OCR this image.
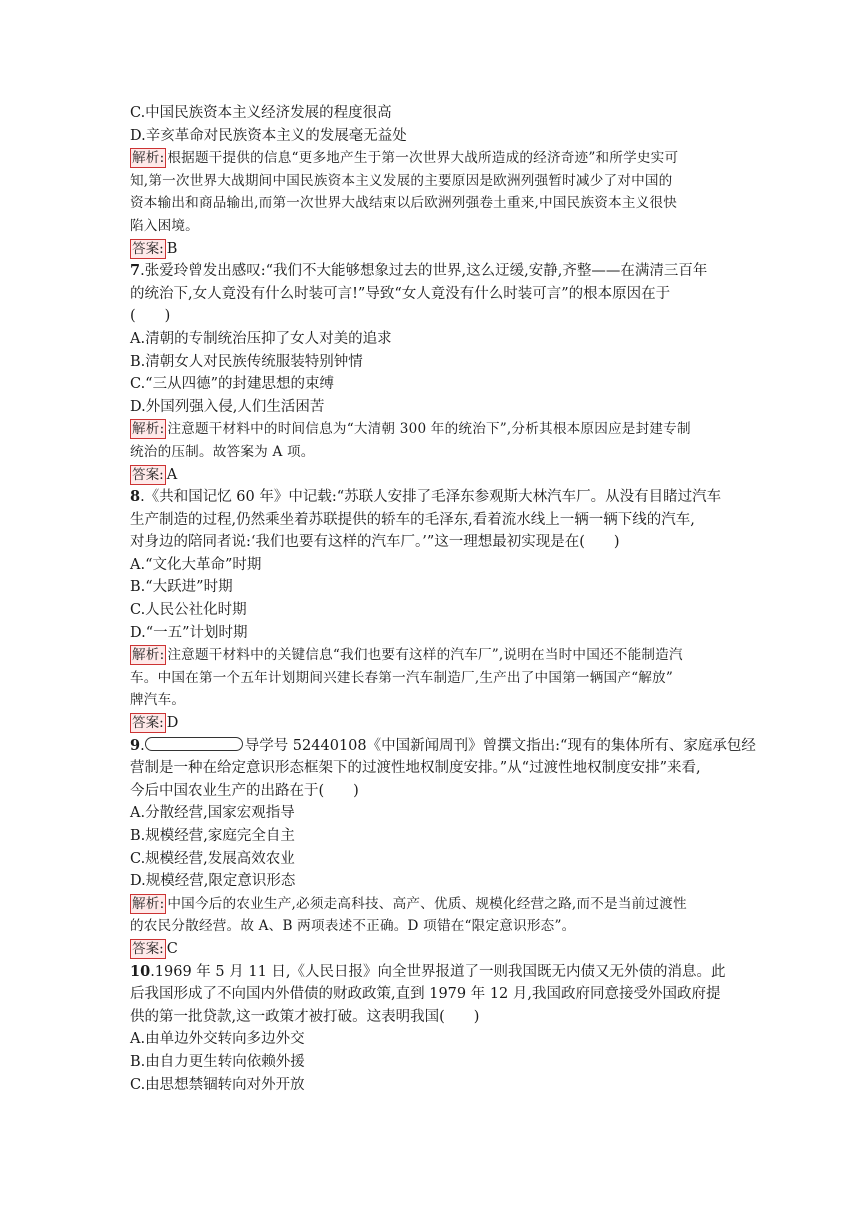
C.中国民族资本主义经济发展的程度很高
D.辛亥革命对民族资本主义的发展毫无益处
解析: 根据题干提供的信息“更多地产生于第一次世界大战所造成的经济奇迹”和所学史实可
知,第一次世界大战期间中国民族资本主义发展的主要原因是欧洲列强暂时减少了对中国的
资本输出和商品输出,而第一次世界大战结束以后欧洲列强卷土重来,中国民族资本主义很快
陷入困境。
答案: B
7.张爱玲曾发出感叹:“我们不大能够想象过去的世界,这么迂缓,安静,齐整——在满清三百年
的统治下,女人竟没有什么时装可言!”导致“女人竟没有什么时装可言”的根本原因在于
(　　)
A.清朝的专制统治压抑了女人对美的追求
B.清朝女人对民族传统服装特别钟情
C.“三从四德”的封建思想的束缚
D.外国列强入侵,人们生活困苦
解析: 注意题干材料中的时间信息为“大清朝 300 年的统治下”,分析其根本原因应是封建专制
统治的压制。故答案为 A 项。
答案: A
8.《共和国记忆 60 年》中记载:“苏联人安排了毛泽东参观斯大林汽车厂。从没有目睹过汽车
生产制造的过程,仍然乘坐着苏联提供的轿车的毛泽东,看着流水线上一辆一辆下线的汽车,
对身边的陪同者说:‘我们也要有这样的汽车厂。’”这一理想最初实现是在(　　)
A.“文化大革命”时期
B.“大跃进”时期
C.人民公社化时期
D.“一五”计划时期
解析: 注意题干材料中的关键信息“我们也要有这样的汽车厂”,说明在当时中国还不能制造汽
车。中国在第一个五年计划期间兴建长春第一汽车制造厂,生产出了中国第一辆国产“解放”
牌汽车。
答案: D
9.	导学号 52440108《中国新闻周刊》曾撰文指出:“现有的集体所有、家庭承包经
营制是一种在给定意识形态框架下的过渡性地权制度安排。”从“过渡性地权制度安排”来看,
今后中国农业生产的出路在于(　　)
A.分散经营,国家宏观指导
B.规模经营,家庭完全自主
C.规模经营,发展高效农业
D.规模经营,限定意识形态
解析: 中国今后的农业生产,必须走高科技、高产、优质、规模化经营之路,而不是当前过渡性
的农民分散经营。故 A、B 两项表述不正确。D 项错在“限定意识形态”。
答案: C
10.1969 年 5 月 11 日,《人民日报》向全世界报道了一则我国既无内债又无外债的消息。此
后我国形成了不向国内外借债的财政政策,直到 1979 年 12 月,我国政府同意接受外国政府提
供的第一批贷款,这一政策才被打破。这表明我国(　　)
A.由单边外交转向多边外交
B.由自力更生转向依赖外援
C.由思想禁锢转向对外开放
